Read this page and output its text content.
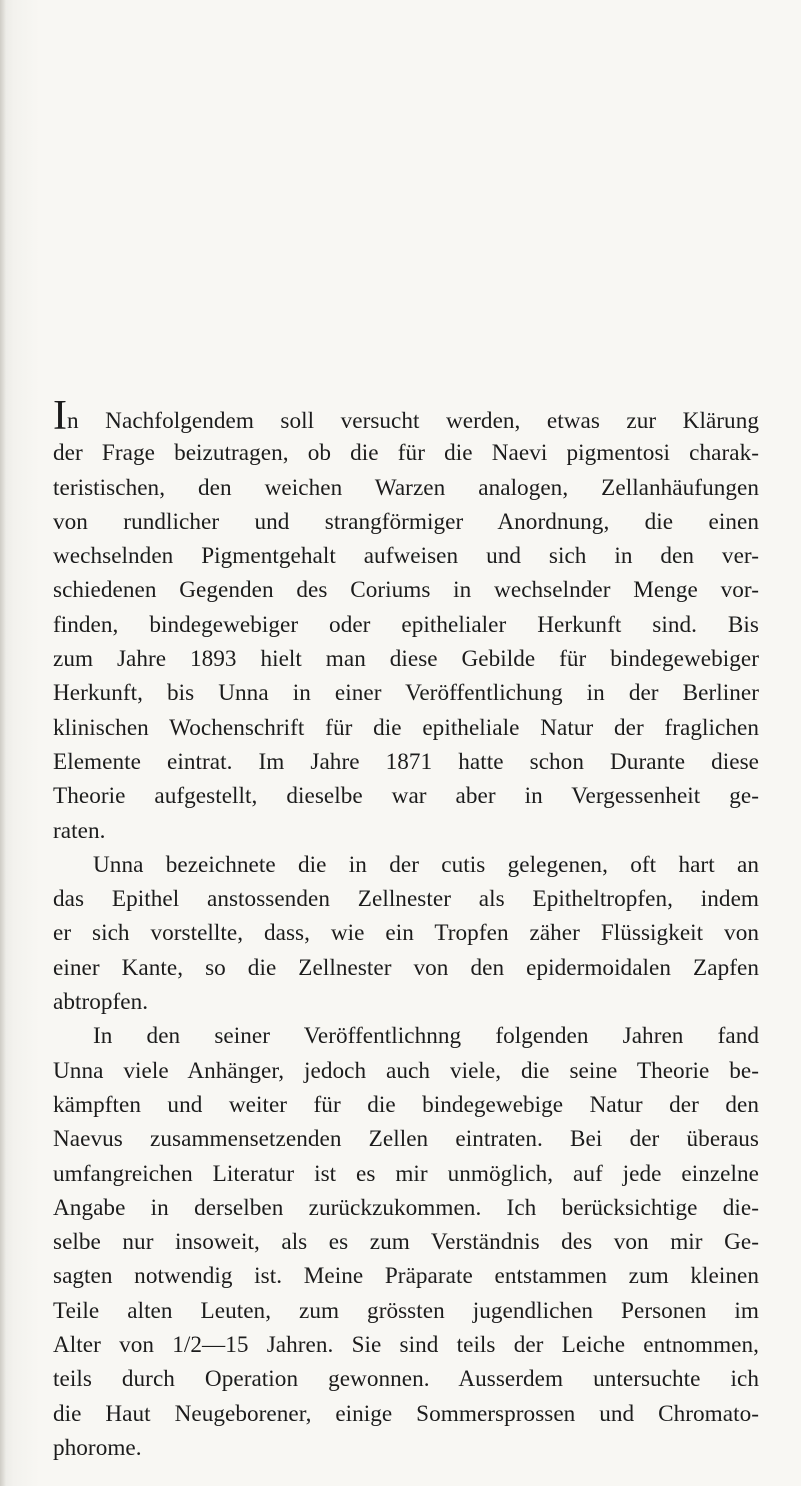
In Nachfolgendem soll versucht werden, etwas zur Klärung
der Frage beizutragen, ob die für die Naevi pigmentosi charak-
teristischen, den weichen Warzen analogen, Zellanhäufungen
von rundlicher und strangförmiger Anordnung, die einen
wechselnden Pigmentgehalt aufweisen und sich in den ver-
schiedenen Gegenden des Coriums in wechselnder Menge vor-
finden, bindegewebiger oder epithelialer Herkunft sind. Bis
zum Jahre 1893 hielt man diese Gebilde für bindegewebiger
Herkunft, bis Unna in einer Veröffentlichung in der Berliner
klinischen Wochenschrift für die epitheliale Natur der fraglichen
Elemente eintrat. Im Jahre 1871 hatte schon Durante diese
Theorie aufgestellt, dieselbe war aber in Vergessenheit ge-
raten.
Unna bezeichnete die in der cutis gelegenen, oft hart an
das Epithel anstossenden Zellnester als Epitheltropfen, indem
er sich vorstellte, dass, wie ein Tropfen zäher Flüssigkeit von
einer Kante, so die Zellnester von den epidermoidalen Zapfen
abtropfen.
In den seiner Veröffentlichnng folgenden Jahren fand
Unna viele Anhänger, jedoch auch viele, die seine Theorie be-
kämpften und weiter für die bindegewebige Natur der den
Naevus zusammensetzenden Zellen eintraten. Bei der überaus
umfangreichen Literatur ist es mir unmöglich, auf jede einzelne
Angabe in derselben zurückzukommen. Ich berücksichtige die-
selbe nur insoweit, als es zum Verständnis des von mir Ge-
sagten notwendig ist. Meine Präparate entstammen zum kleinen
Teile alten Leuten, zum grössten jugendlichen Personen im
Alter von 1/2—15 Jahren. Sie sind teils der Leiche entnommen,
teils durch Operation gewonnen. Ausserdem untersuchte ich
die Haut Neugeborener, einige Sommersprossen und Chromato-
phorome.
